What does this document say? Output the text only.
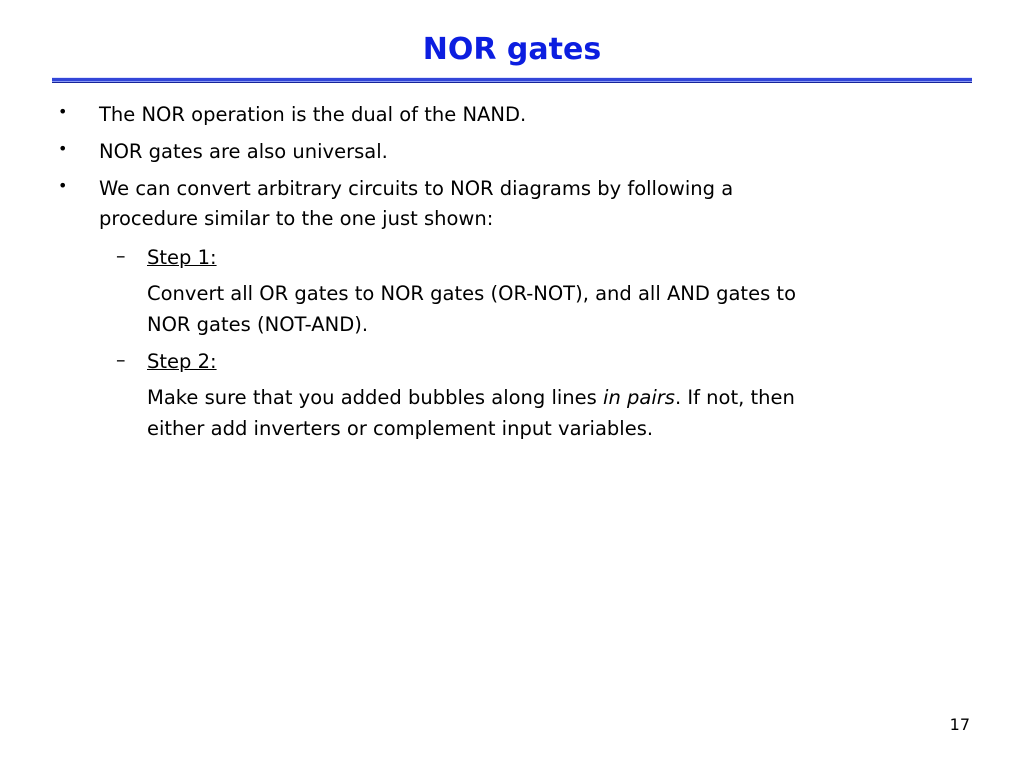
NOR gates
• The NOR operation is the dual of the NAND.
• NOR gates are also universal.
• We can convert arbitrary circuits to NOR diagrams by following a
procedure similar to the one just shown:
– Step 1:
Convert all OR gates to NOR gates (OR-NOT), and all AND gates to
NOR gates (NOT-AND).
– Step 2:
Make sure that you added bubbles along lines in pairs. If not, then
either add inverters or complement input variables.
17
